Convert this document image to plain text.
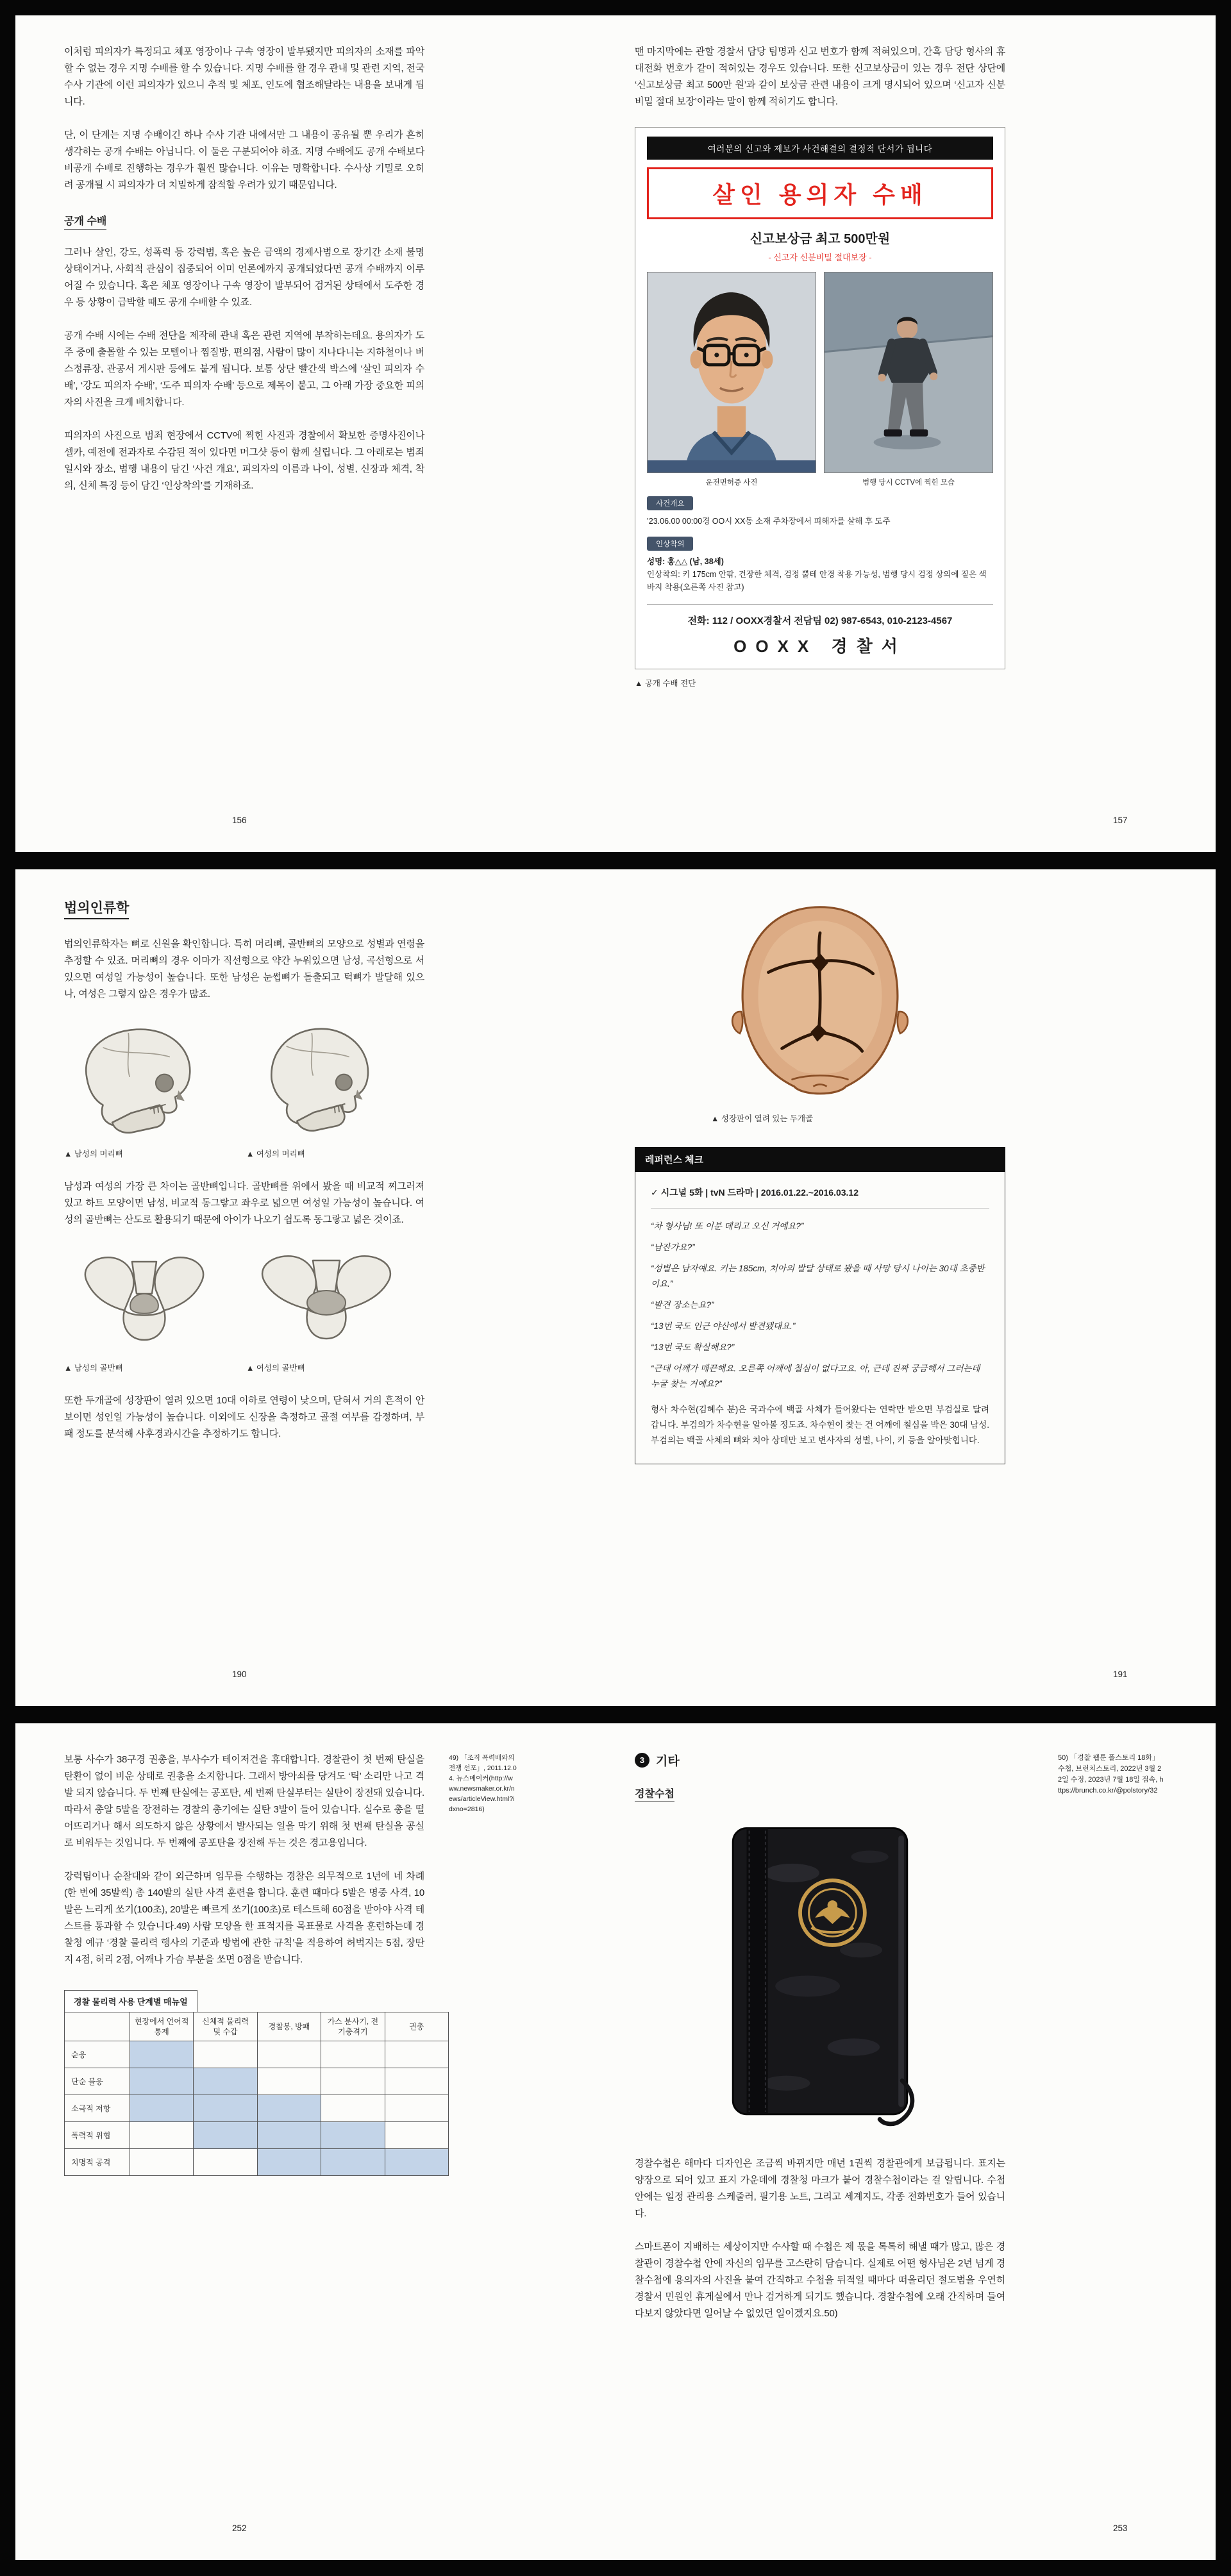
이처럼 피의자가 특정되고 체포 영장이나 구속 영장이 발부됐지만 피의자의 소재를 파악할 수 없는 경우 지명 수배를 할 수 있습니다. 지명 수배를 할 경우 관내 및 관련 지역, 전국 수사 기관에 이런 피의자가 있으니 추적 및 체포, 인도에 협조해달라는 내용을 보내게 됩니다.

단, 이 단계는 지명 수배이긴 하나 수사 기관 내에서만 그 내용이 공유될 뿐 우리가 흔히 생각하는 공개 수배는 아닙니다. 이 둘은 구분되어야 하죠. 지명 수배에도 공개 수배보다 비공개 수배로 진행하는 경우가 훨씬 많습니다. 이유는 명확합니다. 수사상 기밀로 오히려 공개될 시 피의자가 더 치밀하게 잠적할 우려가 있기 때문입니다.

공개 수배

그러나 살인, 강도, 성폭력 등 강력범, 혹은 높은 금액의 경제사범으로 장기간 소재 불명 상태이거나, 사회적 관심이 집중되어 이미 언론에까지 공개되었다면 공개 수배까지 이루어질 수 있습니다. 혹은 체포 영장이나 구속 영장이 발부되어 검거된 상태에서 도주한 경우 등 상황이 급박할 때도 공개 수배할 수 있죠.

공개 수배 시에는 수배 전단을 제작해 관내 혹은 관련 지역에 부착하는데요. 용의자가 도주 중에 출몰할 수 있는 모텔이나 찜질방, 편의점, 사람이 많이 지나다니는 지하철이나 버스정류장, 관공서 게시판 등에도 붙게 됩니다. 보통 상단 빨간색 박스에 ‘살인 피의자 수배’, ‘강도 피의자 수배’, ‘도주 피의자 수배’ 등으로 제목이 붙고, 그 아래 가장 중요한 피의자의 사진을 크게 배치합니다.

피의자의 사진으로 범죄 현장에서 CCTV에 찍힌 사진과 경찰에서 확보한 증명사진이나 셀카, 예전에 전과자로 수감된 적이 있다면 머그샷 등이 함께 실립니다. 그 아래로는 범죄 일시와 장소, 범행 내용이 담긴 ‘사건 개요’, 피의자의 이름과 나이, 성별, 신장과 체격, 착의, 신체 특징 등이 담긴 ‘인상착의’를 기재하죠.

156

맨 마지막에는 관할 경찰서 담당 팀명과 신고 번호가 함께 적혀있으며, 간혹 담당 형사의 휴대전화 번호가 같이 적혀있는 경우도 있습니다. 또한 신고보상금이 있는 경우 전단 상단에 ‘신고보상금 최고 500만 원’과 같이 보상금 관련 내용이 크게 명시되어 있으며 ‘신고자 신분 비밀 절대 보장’이라는 말이 함께 적히기도 합니다.

여러분의 신고와 제보가 사건해결의 결정적 단서가 됩니다
살인 용의자 수배
신고보상금 최고 500만원
- 신고자 신분비밀 절대보장 -
운전면허증 사진	범행 당시 CCTV에 찍힌 모습
사건개요

’23.06.00 00:00경 OO시 XX동 소재 주차장에서 피해자를 살해 후 도주

인상착의

성명: 홍△△ (남, 38세)

인상착의: 키 175cm 안팎, 건장한 체격, 검정 뿔테 안경 착용 가능성, 범행 당시 검정 상의에 짙은 색 바지 착용(오른쪽 사진 참고)

전화: 112 / OOXX경찰서 전담팀 02) 987-6543, 010-2123-4567
OOXX 경찰서
▲ 공개 수배 전단
157
법의인류학

법의인류학자는 뼈로 신원을 확인합니다. 특히 머리뼈, 골반뼈의 모양으로 성별과 연령을 추정할 수 있죠. 머리뼈의 경우 이마가 직선형으로 약간 누워있으면 남성, 곡선형으로 서 있으면 여성일 가능성이 높습니다. 또한 남성은 눈썹뼈가 돌출되고 턱뼈가 발달해 있으나, 여성은 그렇지 않은 경우가 많죠.

▲ 남성의 머리뼈	▲ 여성의 머리뼈

남성과 여성의 가장 큰 차이는 골반뼈입니다. 골반뼈를 위에서 봤을 때 비교적 찌그러져 있고 하트 모양이면 남성, 비교적 동그랗고 좌우로 넓으면 여성일 가능성이 높습니다. 여성의 골반뼈는 산도로 활용되기 때문에 아이가 나오기 쉽도록 동그랗고 넓은 것이죠.

▲ 남성의 골반뼈	▲ 여성의 골반뼈

또한 두개골에 성장판이 열려 있으면 10대 이하로 연령이 낮으며, 닫혀서 거의 흔적이 안 보이면 성인일 가능성이 높습니다. 이외에도 신장을 측정하고 골절 여부를 감정하며, 부패 정도를 분석해 사후경과시간을 추정하기도 합니다.

190
▲ 성장판이 열려 있는 두개골
레퍼런스 체크

✓ 시그널 5화 | tvN 드라마 | 2016.01.22.~2016.03.12

“차 형사님! 또 이분 데리고 오신 거예요?”

“남잔가요?”

“성별은 남자예요. 키는 185cm, 치아의 발달 상태로 봤을 때 사망 당시 나이는 30대 초중반이요.”

“발견 장소는요?”

“13번 국도 인근 야산에서 발견됐대요.”

“13번 국도 확실해요?”

“근데 어깨가 매끈해요. 오른쪽 어깨에 철심이 없다고요. 아, 근데 진짜 궁금해서 그러는데 누굴 찾는 거예요?”

형사 차수현(김혜수 분)은 국과수에 백골 사체가 들어왔다는 연락만 받으면 부검실로 달려갑니다. 부검의가 차수현을 알아볼 정도죠. 차수현이 찾는 건 어깨에 철심을 박은 30대 남성. 부검의는 백골 사체의 뼈와 치아 상태만 보고 변사자의 성별, 나이, 키 등을 알아맞힙니다.

191

보통 사수가 38구경 권총을, 부사수가 테이저건을 휴대합니다. 경찰관이 첫 번째 탄실을 탄환이 없이 비운 상태로 권총을 소지합니다. 그래서 방아쇠를 당겨도 ‘틱’ 소리만 나고 격발 되지 않습니다. 두 번째 탄실에는 공포탄, 세 번째 탄실부터는 실탄이 장전돼 있습니다. 따라서 총알 5발을 장전하는 경찰의 총기에는 실탄 3발이 들어 있습니다. 실수로 총을 떨어뜨리거나 해서 의도하지 않은 상황에서 발사되는 일을 막기 위해 첫 번째 탄실을 공실로 비워두는 것입니다. 두 번째에 공포탄을 장전해 두는 것은 경고용입니다.

강력팀이나 순찰대와 같이 외근하며 임무를 수행하는 경찰은 의무적으로 1년에 네 차례(한 번에 35발씩) 총 140발의 실탄 사격 훈련을 합니다. 훈련 때마다 5발은 명중 사격, 10발은 느리게 쏘기(100초), 20발은 빠르게 쏘기(100초)로 테스트해 60점을 받아야 사격 테스트를 통과할 수 있습니다.49) 사람 모양을 한 표적지를 목표물로 사격을 훈련하는데 경찰청 예규 ‘경찰 물리력 행사의 기준과 방법에 관한 규칙’을 적용하여 허벅지는 5점, 장딴지 4점, 허리 2점, 어깨나 가슴 부분을 쏘면 0점을 받습니다.

경찰 물리력 사용 단계별 매뉴얼
	현장에서 언어적 통제	신체적 물리력 및 수갑	경찰봉, 방패	가스 분사기, 전기충격기	권총
순응					
단순 불응					
소극적 저항					
폭력적 위협					
치명적 공격					
49) 「조직 폭력배와의 전쟁 선포」, 2011.12.04. 뉴스메이커(http://www.newsmaker.or.kr/news/articleView.html?idxno=2816)
252
3 기타
경찰수첩

경찰수첩은 해마다 디자인은 조금씩 바뀌지만 매년 1권씩 경찰관에게 보급됩니다. 표지는 양장으로 되어 있고 표지 가운데에 경찰청 마크가 붙어 경찰수첩이라는 걸 알립니다. 수첩 안에는 일정 관리용 스케줄러, 필기용 노트, 그리고 세계지도, 각종 전화번호가 들어 있습니다.

스마트폰이 지배하는 세상이지만 수사할 때 수첩은 제 몫을 톡톡히 해낼 때가 많고, 많은 경찰관이 경찰수첩 안에 자신의 임무를 고스란히 담습니다. 실제로 어떤 형사님은 2년 넘게 경찰수첩에 용의자의 사진을 붙여 간직하고 수첩을 뒤적일 때마다 떠올리던 절도범을 우연히 경찰서 민원인 휴게실에서 만나 검거하게 되기도 했습니다. 경찰수첩에 오래 간직하며 들여다보지 않았다면 일어날 수 없었던 일이겠지요.50)

50) 「경찰 웹툰 폴스토리 18화」 수첩, 브런치스토리, 2022년 3월 22일 수정, 2023년 7월 18일 접속, https://brunch.co.kr/@polstory/32
253
